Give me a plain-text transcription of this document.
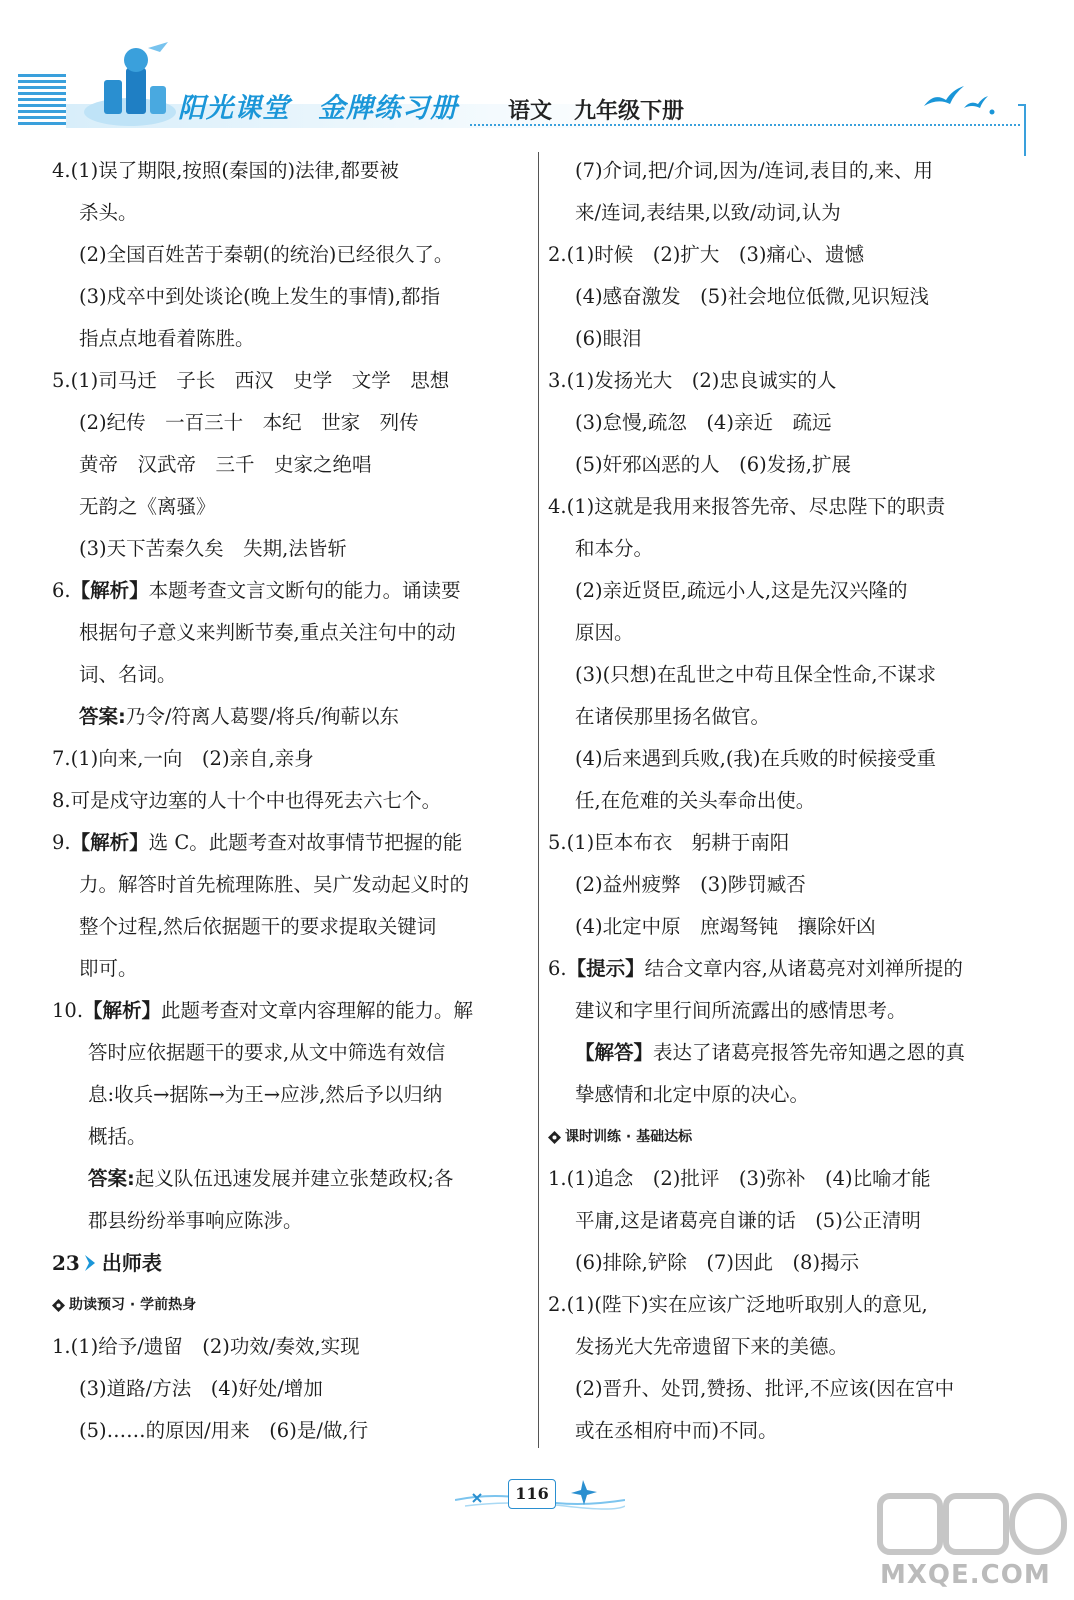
阳光课堂　金牌练习册 语文　九年级下册
4.(1)误了期限,按照(秦国的)法律,都要被
杀头。
(2)全国百姓苦于秦朝(的统治)已经很久了。
(3)戍卒中到处谈论(晚上发生的事情),都指
指点点地看着陈胜。
5.(1)司马迁　子长　西汉　史学　文学　思想
(2)纪传　一百三十　本纪　世家　列传
黄帝　汉武帝　三千　史家之绝唱
无韵之《离骚》
(3)天下苦秦久矣　失期,法皆斩
6.【解析】本题考查文言文断句的能力。诵读要
根据句子意义来判断节奏,重点关注句中的动
词、名词。
答案:乃令/符离人葛婴/将兵/徇蕲以东
7.(1)向来,一向　(2)亲自,亲身
8.可是戍守边塞的人十个中也得死去六七个。
9.【解析】选 C。此题考查对故事情节把握的能
力。解答时首先梳理陈胜、吴广发动起义时的
整个过程,然后依据题干的要求提取关键词
即可。
10.【解析】此题考查对文章内容理解的能力。解
答时应依据题干的要求,从文中筛选有效信
息:收兵→据陈→为王→应涉,然后予以归纳
概括。
答案:起义队伍迅速发展并建立张楚政权;各
郡县纷纷举事响应陈涉。
23 出师表
助读预习 · 学前热身
1.(1)给予/遗留　(2)功效/奏效,实现
(3)道路/方法　(4)好处/增加
(5)……的原因/用来　(6)是/做,行
(7)介词,把/介词,因为/连词,表目的,来、用
来/连词,表结果,以致/动词,认为
2.(1)时候　(2)扩大　(3)痛心、遗憾
(4)感奋激发　(5)社会地位低微,见识短浅
(6)眼泪
3.(1)发扬光大　(2)忠良诚实的人
(3)怠慢,疏忽　(4)亲近　疏远
(5)奸邪凶恶的人　(6)发扬,扩展
4.(1)这就是我用来报答先帝、尽忠陛下的职责
和本分。
(2)亲近贤臣,疏远小人,这是先汉兴隆的
原因。
(3)(只想)在乱世之中苟且保全性命,不谋求
在诸侯那里扬名做官。
(4)后来遇到兵败,(我)在兵败的时候接受重
任,在危难的关头奉命出使。
5.(1)臣本布衣　躬耕于南阳
(2)益州疲弊　(3)陟罚臧否
(4)北定中原　庶竭驽钝　攘除奸凶
6.【提示】结合文章内容,从诸葛亮对刘禅所提的
建议和字里行间所流露出的感情思考。
【解答】表达了诸葛亮报答先帝知遇之恩的真
挚感情和北定中原的决心。
课时训练 · 基础达标
1.(1)追念　(2)批评　(3)弥补　(4)比喻才能
平庸,这是诸葛亮自谦的话　(5)公正清明
(6)排除,铲除　(7)因此　(8)揭示
2.(1)(陛下)实在应该广泛地听取别人的意见,
发扬光大先帝遗留下来的美德。
(2)晋升、处罚,赞扬、批评,不应该(因在宫中
或在丞相府中而)不同。
116
MXQE.COM
